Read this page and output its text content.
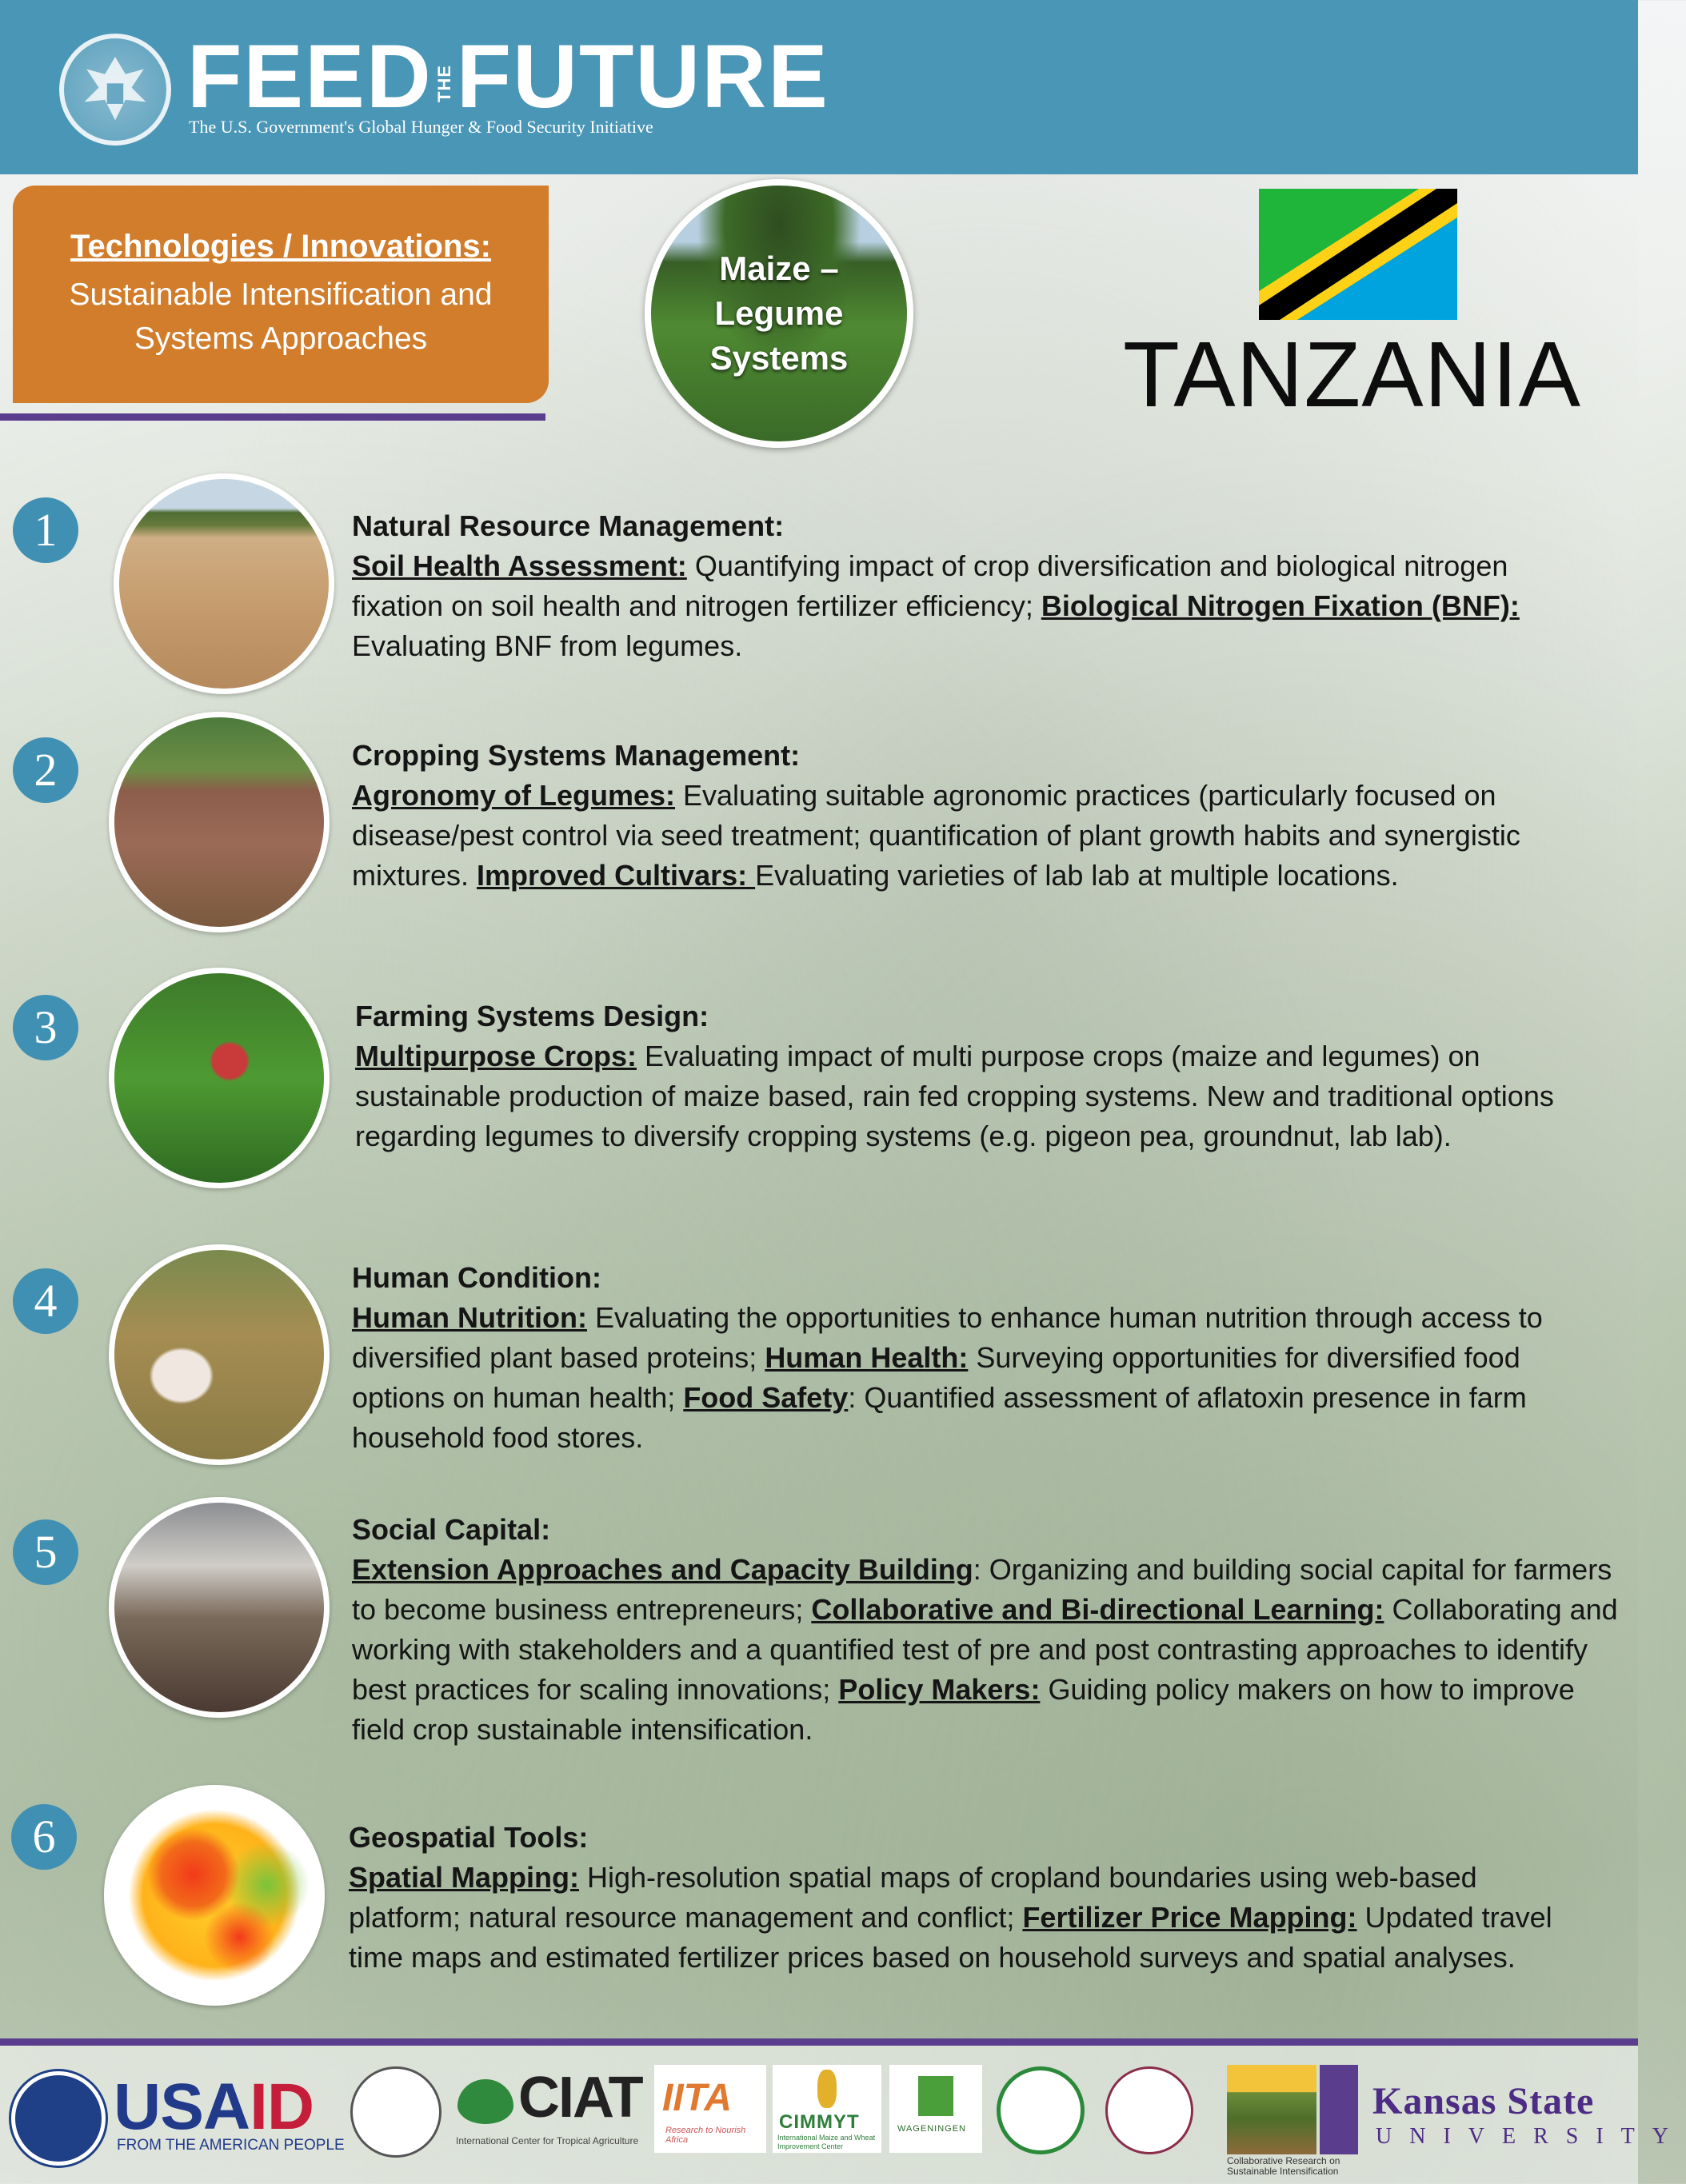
FEEDTHEFUTURE
The U.S. Government's Global Hunger & Food Security Initiative
Technologies / Innovations:
Sustainable Intensification and
Systems Approaches
Maize –
Legume
Systems	TANZANIA
1	Natural Resource Management:
Soil Health Assessment: Quantifying impact of crop diversification and biological nitrogen fixation on soil health and nitrogen fertilizer efficiency; Biological Nitrogen Fixation (BNF): Evaluating BNF from legumes.
2	Cropping Systems Management:
Agronomy of Legumes: Evaluating suitable agronomic practices (particularly focused on disease/pest control via seed treatment; quantification of plant growth habits and synergistic mixtures. Improved Cultivars: Evaluating varieties of lab lab at multiple locations.
3	Farming Systems Design:
Multipurpose Crops: Evaluating impact of multi purpose crops (maize and legumes) on sustainable production of maize based, rain fed cropping systems. New and traditional options regarding legumes to diversify cropping systems (e.g. pigeon pea, groundnut, lab lab).
4	Human Condition:
Human Nutrition: Evaluating the opportunities to enhance human nutrition through access to diversified plant based proteins; Human Health: Surveying opportunities for diversified food options on human health; Food Safety: Quantified assessment of aflatoxin presence in farm household food stores.
5	Social Capital:
Extension Approaches and Capacity Building: Organizing and building social capital for farmers to become business entrepreneurs; Collaborative and Bi-directional Learning: Collaborating and working with stakeholders and a quantified test of pre and post contrasting approaches to identify best practices for scaling innovations; Policy Makers: Guiding policy makers on how to improve field crop sustainable intensification.
6	Geospatial Tools:
Spatial Mapping: High-resolution spatial maps of cropland boundaries using web-based platform; natural resource management and conflict; Fertilizer Price Mapping: Updated travel time maps and estimated fertilizer prices based on household surveys and spatial analyses.
USAID
FROM THE AMERICAN PEOPLE
CIAT
International Center for Tropical Agriculture
IITA
Research to Nourish Africa
CIMMYT
International Maize and Wheat Improvement Center
WAGENINGEN
Collaborative Research on Sustainable Intensification
Kansas State
UNIVERSITY
